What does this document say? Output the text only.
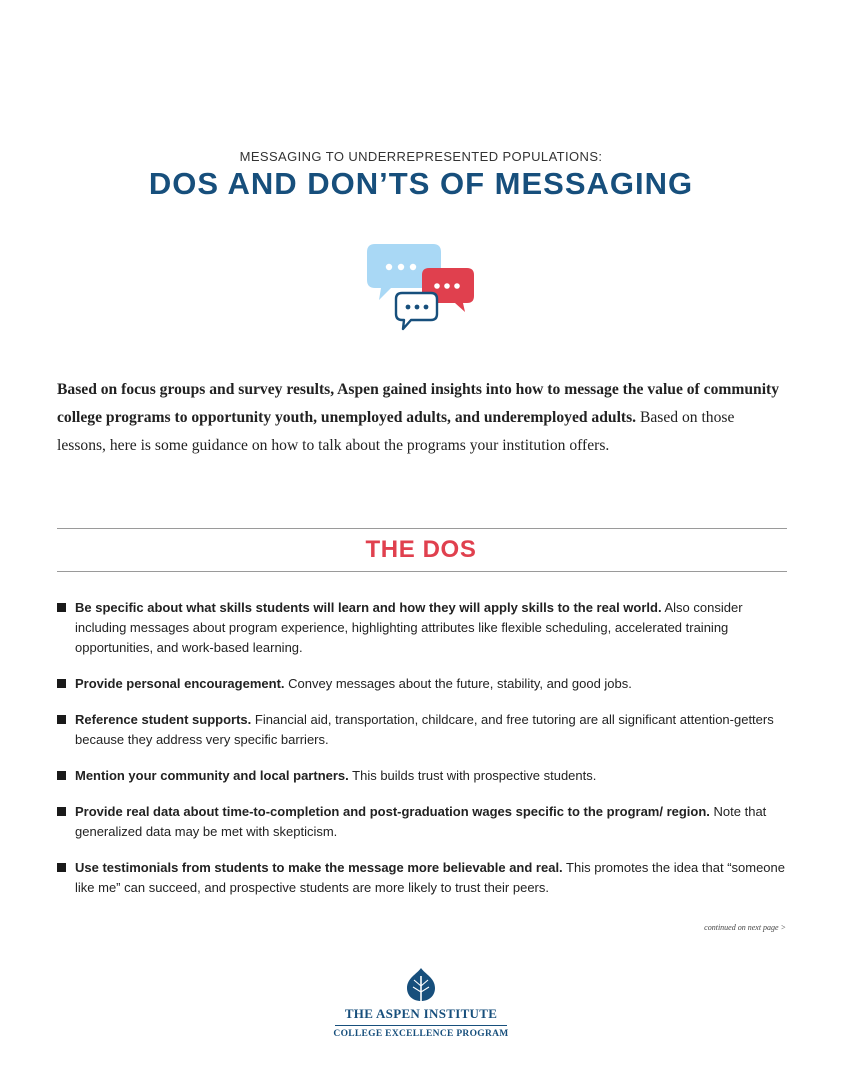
MESSAGING TO UNDERREPRESENTED POPULATIONS:
DOS AND DON’TS OF MESSAGING
Based on focus groups and survey results, Aspen gained insights into how to message the value of community college programs to opportunity youth, unemployed adults, and underemployed adults. Based on those lessons, here is some guidance on how to talk about the programs your institution offers.
THE DOS
Be specific about what skills students will learn and how they will apply skills to the real world. Also consider including messages about program experience, highlighting attributes like flexible scheduling, accelerated training opportunities, and work-based learning.
Provide personal encouragement. Convey messages about the future, stability, and good jobs.
Reference student supports. Financial aid, transportation, childcare, and free tutoring are all significant attention-getters because they address very specific barriers.
Mention your community and local partners. This builds trust with prospective students.
Provide real data about time-to-completion and post-graduation wages specific to the program/ region. Note that generalized data may be met with skepticism.
Use testimonials from students to make the message more believable and real. This promotes the idea that “someone like me” can succeed, and prospective students are more likely to trust their peers.
continued on next page >
THE ASPEN INSTITUTE
COLLEGE EXCELLENCE PROGRAM
